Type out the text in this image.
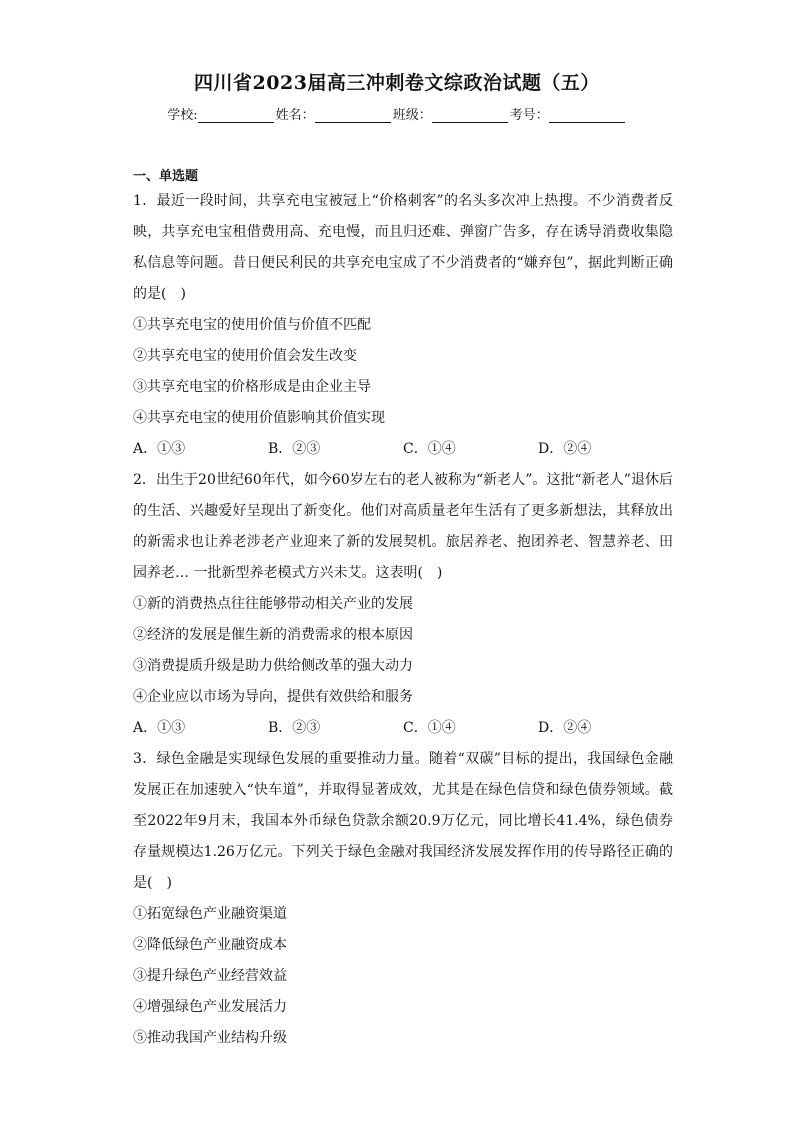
四川省2023届高三冲刺卷文综政治试题（五）
学校:	姓名：	班级：	考号：
一、单选题

1．最近一段时间，共享充电宝被冠上“价格刺客”的名头多次冲上热搜。不少消费者反映，共享充电宝租借费用高、充电慢，而且归还难、弹窗广告多，存在诱导消费收集隐私信息等问题。昔日便民利民的共享充电宝成了不少消费者的“嫌弃包”，据此判断正确的是(　)

①共享充电宝的使用价值与价值不匹配

②共享充电宝的使用价值会发生改变

③共享充电宝的价格形成是由企业主导

④共享充电宝的使用价值影响其价值实现

A．①③	B．②③	C．①④	D．②④

2．出生于20世纪60年代，如今60岁左右的老人被称为“新老人”。这批“新老人”退休后的生活、兴趣爱好呈现出了新变化。他们对高质量老年生活有了更多新想法，其释放出的新需求也让养老涉老产业迎来了新的发展契机。旅居养老、抱团养老、智慧养老、田园养老… 一批新型养老模式方兴未艾。这表明(　)

①新的消费热点往往能够带动相关产业的发展

②经济的发展是催生新的消费需求的根本原因

③消费提质升级是助力供给侧改革的强大动力

④企业应以市场为导向，提供有效供给和服务

A．①③	B．②③	C．①④	D．②④

3．绿色金融是实现绿色发展的重要推动力量。随着“双碳”目标的提出，我国绿色金融发展正在加速驶入“快车道”，并取得显著成效，尤其是在绿色信贷和绿色债券领域。截至2022年9月末，我国本外币绿色贷款余额20.9万亿元，同比增长41.4%，绿色债券存量规模达1.26万亿元。下列关于绿色金融对我国经济发展发挥作用的传导路径正确的是(　)

①拓宽绿色产业融资渠道

②降低绿色产业融资成本

③提升绿色产业经营效益

④增强绿色产业发展活力

⑤推动我国产业结构升级
